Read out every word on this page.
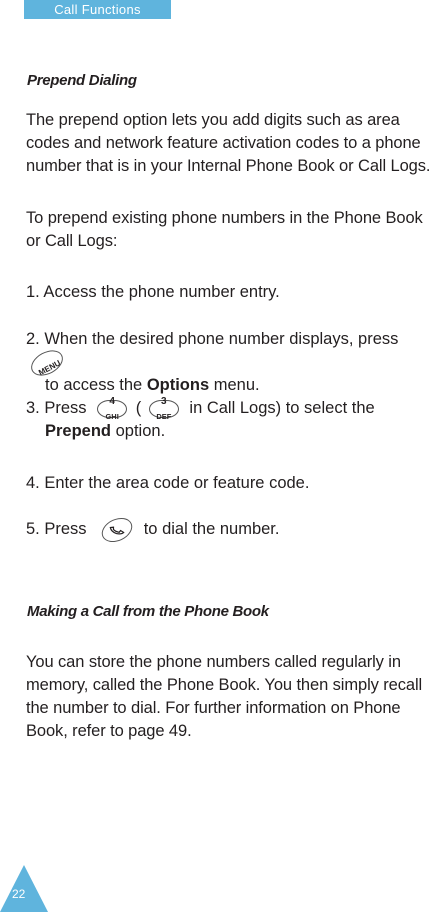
Call Functions
Prepend Dialing

The prepend option lets you add digits such as area codes and network feature activation codes to a phone number that is in your Internal Phone Book or Call Logs.

To prepend existing phone numbers in the Phone Book or Call Logs:

1. Access the phone number entry.
2. When the desired phone number displays, press
MENU
to access the Options menu.
3. Press	4
GHI	(	3
DEF	in Call Logs) to select the
Prepend option.
4. Enter the area code or feature code.
5. Press	to dial the number.
Making a Call from the Phone Book

You can store the phone numbers called regularly in memory, called the Phone Book. You then simply recall the number to dial. For further information on Phone Book, refer to page 49.

22
